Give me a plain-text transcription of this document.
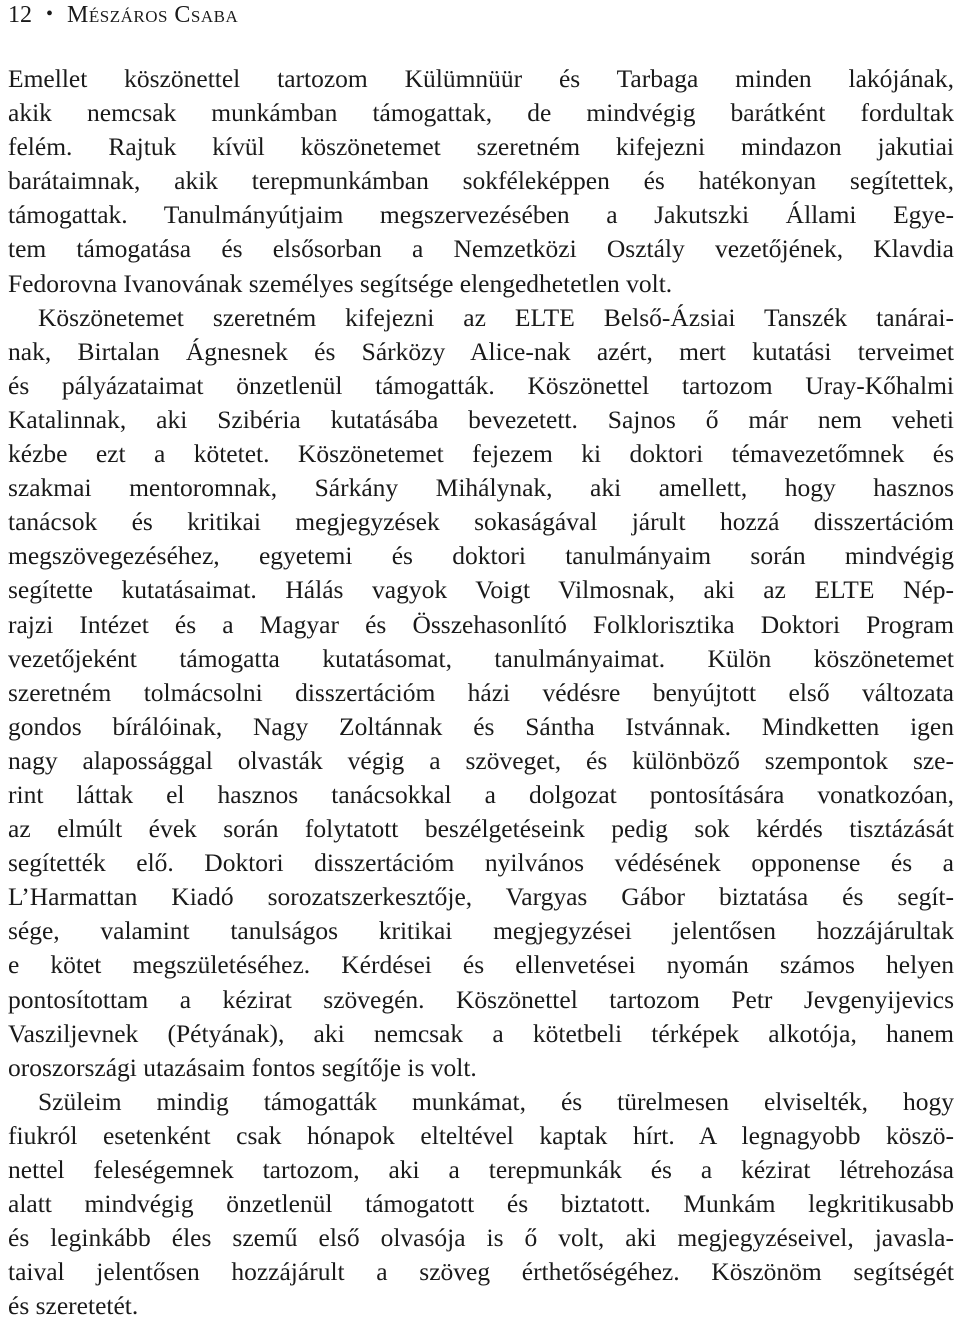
12 • Mészáros Csaba

Emellet köszönettel tartozom Külümnüür és Tarbaga minden lakójának,
akik nemcsak munkámban támogattak, de mindvégig barátként fordultak
felém. Rajtuk kívül köszönetemet szeretném kifejezni mindazon jakutiai
barátaimnak, akik terepmunkámban sokféleképpen és hatékonyan segítettek,
támogattak. Tanulmányútjaim megszervezésében a Jakutszki Állami Egye-
tem támogatása és elsősorban a Nemzetközi Osztály vezetőjének, Klavdia
Fedorovna Ivanovának személyes segítsége elengedhetetlen volt.

Köszönetemet szeretném kifejezni az ELTE Belső-Ázsiai Tanszék tanárai-
nak, Birtalan Ágnesnek és Sárközy Alice-nak azért, mert kutatási terveimet
és pályázataimat önzetlenül támogatták. Köszönettel tartozom Uray-Kőhalmi
Katalinnak, aki Szibéria kutatásába bevezetett. Sajnos ő már nem veheti
kézbe ezt a kötetet. Köszönetemet fejezem ki doktori témavezetőmnek és
szakmai mentoromnak, Sárkány Mihálynak, aki amellett, hogy hasznos
tanácsok és kritikai megjegyzések sokaságával járult hozzá disszertációm
megszövegezéséhez, egyetemi és doktori tanulmányaim során mindvégig
segítette kutatásaimat. Hálás vagyok Voigt Vilmosnak, aki az ELTE Nép-
rajzi Intézet és a Magyar és Összehasonlító Folklorisztika Doktori Program
vezetőjeként támogatta kutatásomat, tanulmányaimat. Külön köszönetemet
szeretném tolmácsolni disszertációm házi védésre benyújtott első változata
gondos bírálóinak, Nagy Zoltánnak és Sántha Istvánnak. Mindketten igen
nagy alapossággal olvasták végig a szöveget, és különböző szempontok sze-
rint láttak el hasznos tanácsokkal a dolgozat pontosítására vonatkozóan,
az elmúlt évek során folytatott beszélgetéseink pedig sok kérdés tisztázását
segítették elő. Doktori disszertációm nyilvános védésének opponense és a
L’Harmattan Kiadó sorozatszerkesztője, Vargyas Gábor biztatása és segít-
sége, valamint tanulságos kritikai megjegyzései jelentősen hozzájárultak
e kötet megszületéséhez. Kérdései és ellenvetései nyomán számos helyen
pontosítottam a kézirat szövegén. Köszönettel tartozom Petr Jevgenyijevics
Vasziljevnek (Pétyának), aki nemcsak a kötetbeli térképek alkotója, hanem
oroszországi utazásaim fontos segítője is volt.

Szüleim mindig támogatták munkámat, és türelmesen elviselték, hogy
fiukról esetenként csak hónapok elteltével kaptak hírt. A legnagyobb köszö-
nettel feleségemnek tartozom, aki a terepmunkák és a kézirat létrehozása
alatt mindvégig önzetlenül támogatott és biztatott. Munkám legkritikusabb
és leginkább éles szemű első olvasója is ő volt, aki megjegyzéseivel, javasla-
taival jelentősen hozzájárult a szöveg érthetőségéhez. Köszönöm segítségét
és szeretetét.
